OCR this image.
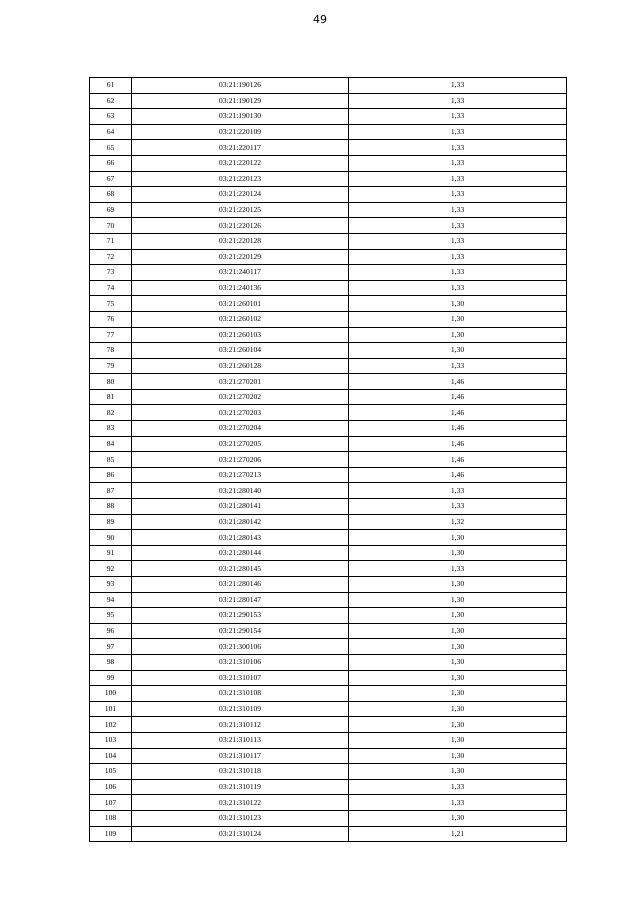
49
61	03:21:190126	1,33
62	03:21:190129	1,33
63	03:21:190130	1,33
64	03:21:220109	1,33
65	03:21:220117	1,33
66	03:21:220122	1,33
67	03:21:220123	1,33
68	03:21:220124	1,33
69	03:21:220125	1,33
70	03:21:220126	1,33
71	03:21:220128	1,33
72	03:21:220129	1,33
73	03:21:240117	1,33
74	03:21:240136	1,33
75	03:21:260101	1,30
76	03:21:260102	1,30
77	03:21:260103	1,30
78	03:21:260104	1,30
79	03:21:260128	1,33
80	03:21:270201	1,46
81	03:21:270202	1,46
82	03:21:270203	1,46
83	03:21:270204	1,46
84	03:21:270205	1,46
85	03:21:270206	1,46
86	03:21:270213	1,46
87	03:21:280140	1,33
88	03:21:280141	1,33
89	03:21:280142	1,32
90	03:21:280143	1,30
91	03:21:280144	1,30
92	03:21:280145	1,33
93	03:21:280146	1,30
94	03:21:280147	1,30
95	03:21:290153	1,30
96	03:21:290154	1,30
97	03:21:300106	1,30
98	03:21:310106	1,30
99	03:21:310107	1,30
100	03:21:310108	1,30
101	03:21:310109	1,30
102	03:21:310112	1,30
103	03:21:310113	1,30
104	03:21:310117	1,30
105	03:21:310118	1,30
106	03:21:310119	1,33
107	03:21:310122	1,33
108	03:21:310123	1,30
109	03:21:310124	1,21
